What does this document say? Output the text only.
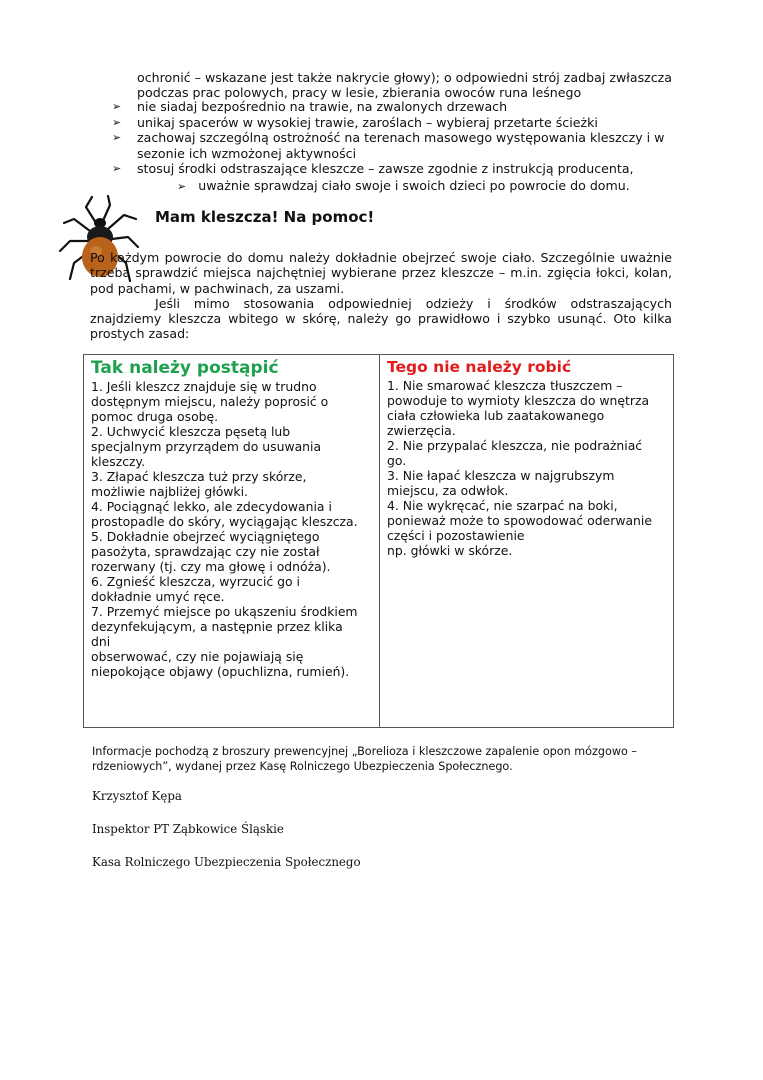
ochronić – wskazane jest także nakrycie głowy); o odpowiedni strój zadbaj zwłaszcza podczas prac polowych, pracy w lesie, zbierania owoców runa leśnego
➢ nie siadaj bezpośrednio na trawie, na zwalonych drzewach
➢ unikaj spacerów w wysokiej trawie, zaroślach – wybieraj przetarte ścieżki
➢ zachowaj szczególną ostrożność na terenach masowego występowania kleszczy i w sezonie ich wzmożonej aktywności
➢ stosuj środki odstraszające kleszcze – zawsze zgodnie z instrukcją producenta,
➢ uważnie sprawdzaj ciało swoje i swoich dzieci po powrocie do domu.
Mam kleszcza! Na pomoc!
Po każdym powrocie do domu należy dokładnie obejrzeć swoje ciało. Szczególnie uważnie trzeba sprawdzić miejsca najchętniej wybierane przez kleszcze – m.in. zgięcia łokci, kolan, pod pachami, w pachwinach, za uszami.
Jeśli mimo stosowania odpowiedniej odzieży i środków odstraszających znajdziemy kleszcza wbitego w skórę, należy go prawidłowo i szybko usunąć. Oto kilka prostych zasad:
Tak należy postąpić
1. Jeśli kleszcz znajduje się w trudno
dostępnym miejscu, należy poprosić o
pomoc druga osobę.
2. Uchwycić kleszcza pęsetą lub
specjalnym przyrządem do usuwania
kleszczy.
3. Złapać kleszcza tuż przy skórze,
możliwie najbliżej główki.
4. Pociągnąć lekko, ale zdecydowania i
prostopadle do skóry, wyciągając kleszcza.
5. Dokładnie obejrzeć wyciągniętego
pasożyta, sprawdzając czy nie został
rozerwany (tj. czy ma głowę i odnóża).
6. Zgnieść kleszcza, wyrzucić go i
dokładnie umyć ręce.
7. Przemyć miejsce po ukąszeniu środkiem
dezynfekującym, a następnie przez klika
dni
obserwować, czy nie pojawiają się
niepokojące objawy (opuchlizna, rumień).
Tego nie należy robić
1. Nie smarować kleszcza tłuszczem –
powoduje to wymioty kleszcza do wnętrza
ciała człowieka lub zaatakowanego
zwierzęcia.
2. Nie przypalać kleszcza, nie podrażniać
go.
3. Nie łapać kleszcza w najgrubszym
miejscu, za odwłok.
4. Nie wykręcać, nie szarpać na boki,
ponieważ może to spowodować oderwanie
części i pozostawienie
np. główki w skórze.
Informacje pochodzą z broszury prewencyjnej „Borelioza i kleszczowe zapalenie opon mózgowo – rdzeniowych”, wydanej przez Kasę Rolniczego Ubezpieczenia Społecznego.
Krzysztof Kępa
Inspektor PT Ząbkowice Śląskie
Kasa Rolniczego Ubezpieczenia Społecznego
